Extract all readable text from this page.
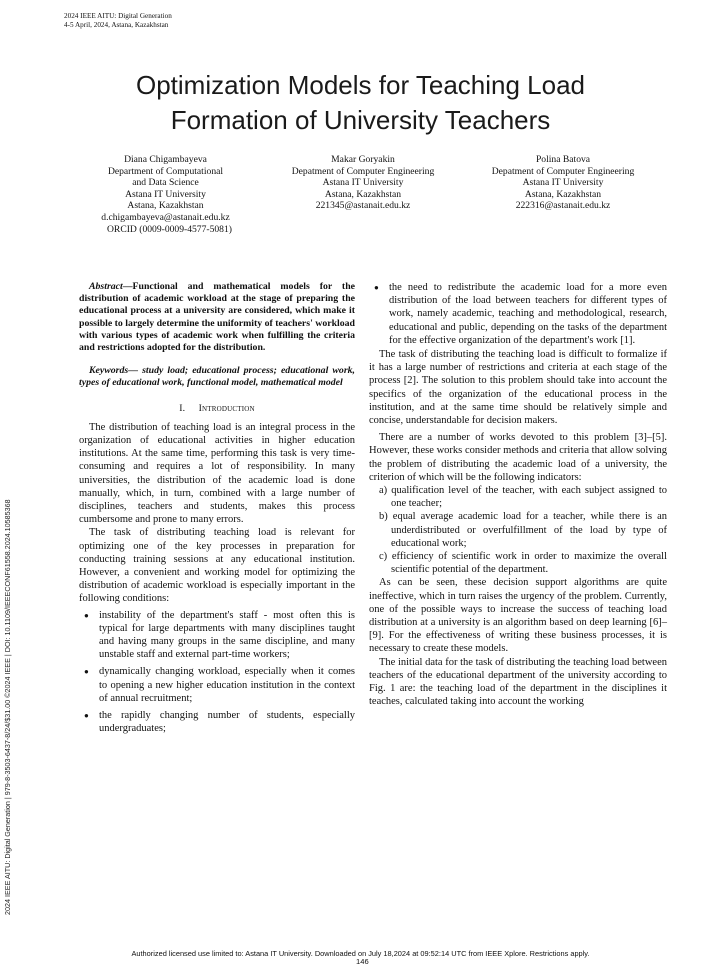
2024 IEEE AITU: Digital Generation
4-5 April, 2024, Astana, Kazakhstan
Optimization Models for Teaching Load
Formation of University Teachers
Diana Chigambayeva
Department of Computational
and Data Science
Astana IT University
Astana, Kazakhstan
d.chigambayeva@astanait.edu.kz
ORCID (0009-0009-4577-5081)
Makar Goryakin
Depatment of Computer Engineering
Astana IT University
Astana, Kazakhstan
221345@astanait.edu.kz
Polina Batova
Depatment of Computer Engineering
Astana IT University
Astana, Kazakhstan
222316@astanait.edu.kz

Abstract—Functional and mathematical models for the distribution of academic workload at the stage of preparing the educational process at a university are considered, which make it possible to largely determine the uniformity of teachers' workload with various types of academic work when fulfilling the criteria and restrictions adopted for the distribution.

Keywords— study load; educational process; educational work, types of educational work, functional model, mathematical model

I. Introduction

The distribution of teaching load is an integral process in the organization of educational activities in higher education institutions. At the same time, performing this task is very time-consuming and requires a lot of responsibility. In many universities, the distribution of the academic load is done manually, which, in turn, combined with a large number of disciplines, teachers and students, makes this process cumbersome and prone to many errors.

The task of distributing teaching load is relevant for optimizing one of the key processes in preparation for conducting training sessions at any educational institution. However, a convenient and working model for optimizing the distribution of academic workload is especially important in the following conditions:

● instability of the department's staff - most often this is typical for large departments with many disciplines taught and having many groups in the same discipline, and many unstable staff and external part-time workers;
● dynamically changing workload, especially when it comes to opening a new higher education institution in the context of annual recruitment;
● the rapidly changing number of students, especially undergraduates;
● the need to redistribute the academic load for a more even distribution of the load between teachers for different types of work, namely academic, teaching and methodological, research, educational and public, depending on the tasks of the department for the effective organization of the department's work [1].

The task of distributing the teaching load is difficult to formalize if it has a large number of restrictions and criteria at each stage of the process [2]. The solution to this problem should take into account the specifics of the organization of the educational process in the institution, and at the same time should be relatively simple and concise, understandable for decision makers.

There are a number of works devoted to this problem [3]–[5]. However, these works consider methods and criteria that allow solving the problem of distributing the academic load of a university, the criterion of which will be the following indicators:

a) qualification level of the teacher, with each subject assigned to one teacher;
b) equal average academic load for a teacher, while there is an underdistributed or overfulfillment of the load by type of educational work;
c) efficiency of scientific work in order to maximize the overall scientific potential of the department.

As can be seen, these decision support algorithms are quite ineffective, which in turn raises the urgency of the problem. Currently, one of the possible ways to increase the success of teaching load distribution at a university is an algorithm based on deep learning [6]–[9]. For the effectiveness of writing these business processes, it is necessary to create these models.

The initial data for the task of distributing the teaching load between teachers of the educational department of the university according to Fig. 1 are: the teaching load of the department in the disciplines it teaches, calculated taking into account the working

2024 IEEE AITU: Digital Generation | 979-8-3503-6437-8/24/$31.00 ©2024 IEEE | DOI: 10.1109/IEEECONF61558.2024.10585368
Authorized licensed use limited to: Astana IT University. Downloaded on July 18,2024 at 09:52:14 UTC from IEEE Xplore. Restrictions apply.
146
